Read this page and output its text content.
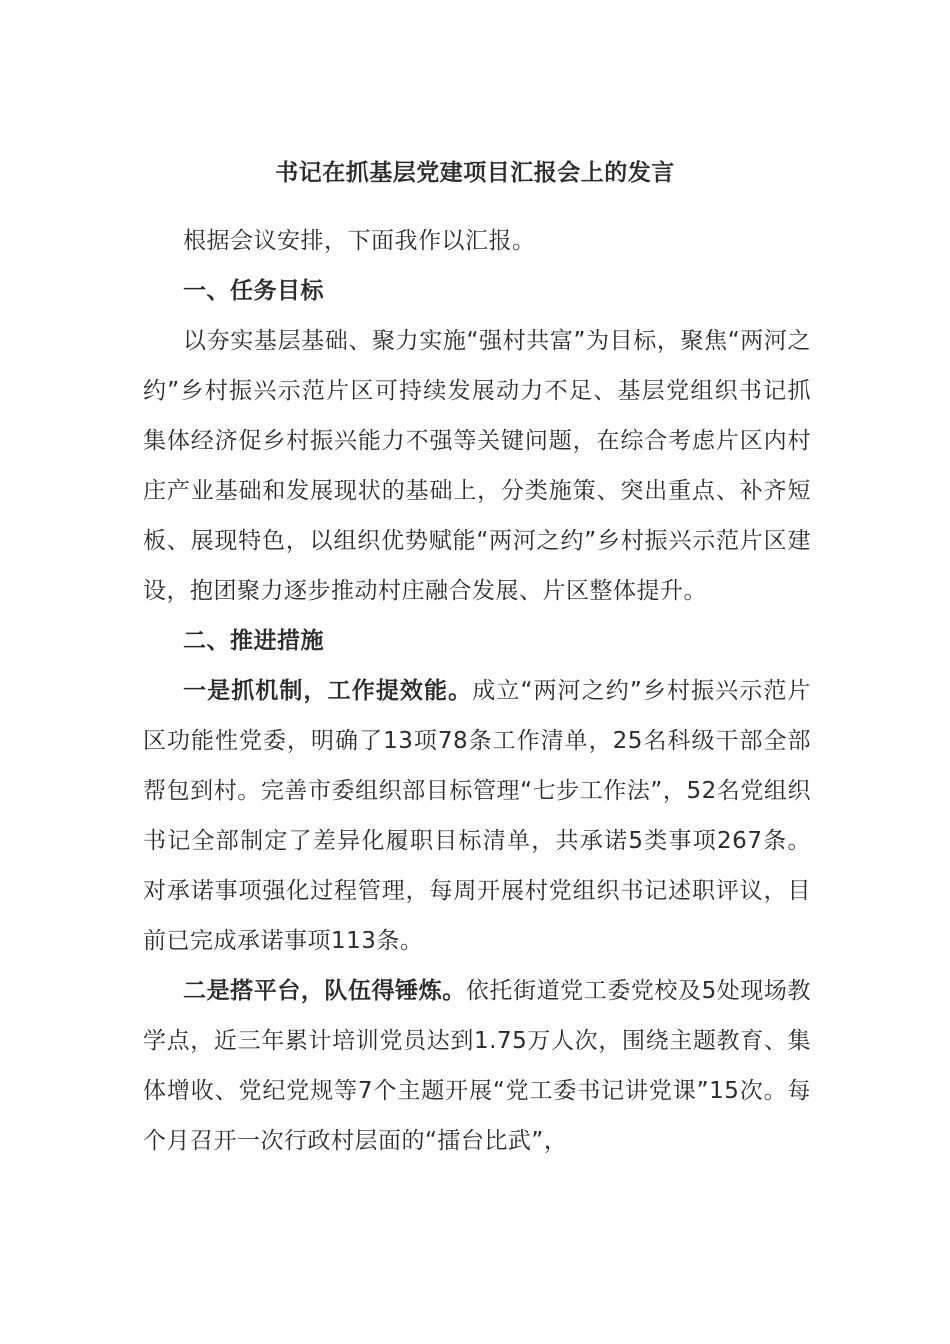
书记在抓基层党建项目汇报会上的发言

根据会议安排，下面我作以汇报。

一、任务目标

以夯实基层基础、聚力实施“强村共富”为目标，聚焦“两河之约”乡村振兴示范片区可持续发展动力不足、基层党组织书记抓集体经济促乡村振兴能力不强等关键问题，在综合考虑片区内村庄产业基础和发展现状的基础上，分类施策、突出重点、补齐短板、展现特色，以组织优势赋能“两河之约”乡村振兴示范片区建设，抱团聚力逐步推动村庄融合发展、片区整体提升。

二、推进措施

一是抓机制，工作提效能。成立“两河之约”乡村振兴示范片区功能性党委，明确了13项78条工作清单，25名科级干部全部帮包到村。完善市委组织部目标管理“七步工作法”，52名党组织书记全部制定了差异化履职目标清单，共承诺5类事项267条。对承诺事项强化过程管理，每周开展村党组织书记述职评议，目前已完成承诺事项113条。

二是搭平台，队伍得锤炼。依托街道党工委党校及5处现场教学点，近三年累计培训党员达到1.75万人次，围绕主题教育、集体增收、党纪党规等7个主题开展“党工委书记讲党课”15次。每个月召开一次行政村层面的“擂台比武”，
